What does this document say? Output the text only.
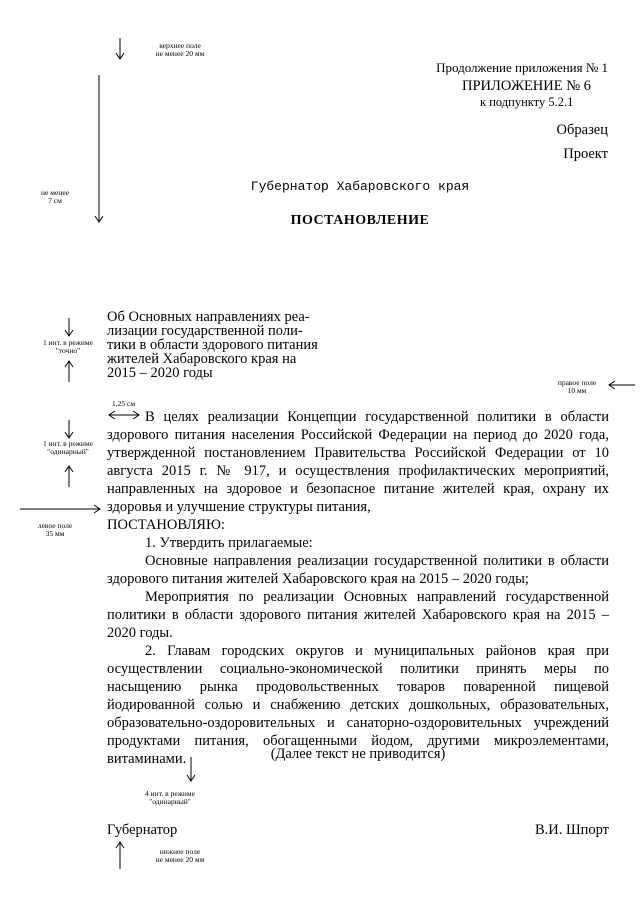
верхнее поле
не менее 20 мм
не менее
7 см
1 инт. в режиме
"точно"
1,25 см
правое поле
10 мм
1 инт. в режиме
"одинарный"
левое поле
35 мм
4 инт. в режиме
"одинарный"
нижнее поле
не менее 20 мм
Продолжение приложения № 1
ПРИЛОЖЕНИЕ № 6
к подпункту 5.2.1
Образец
Проект
Губернатор Хабаровского края
ПОСТАНОВЛЕНИЕ
Об Основных направлениях реа-
лизации государственной поли-
тики в области здорового питания
жителей Хабаровского края на
2015 – 2020 годы

В целях реализации Концепции государственной политики в области здорового питания населения Российской Федерации на период до 2020 года, утвержденной постановлением Правительства Российской Федерации от 10 августа 2015 г. № 917, и осуществления профилактических мероприятий, направленных на здоровое и безопасное питание жителей края, охрану их здоровья и улучшение структуры питания,

ПОСТАНОВЛЯЮ:

1. Утвердить прилагаемые:

Основные направления реализации государственной политики в области здорового питания жителей Хабаровского края на 2015 – 2020 годы;

Мероприятия по реализации Основных направлений государственной политики в области здорового питания жителей Хабаровского края на 2015 – 2020 годы.

2. Главам городских округов и муниципальных районов края при осуществлении социально-экономической политики принять меры по насыщению рынка продовольственных товаров поваренной пищевой йодированной солью и снабжению детских дошкольных, образовательных, образовательно-оздоровительных и санаторно-оздоровительных учреждений продуктами питания, обогащенными йодом, другими микроэлементами, витаминами.	(Далее текст не приводится)
Губернатор	В.И. Шпорт
